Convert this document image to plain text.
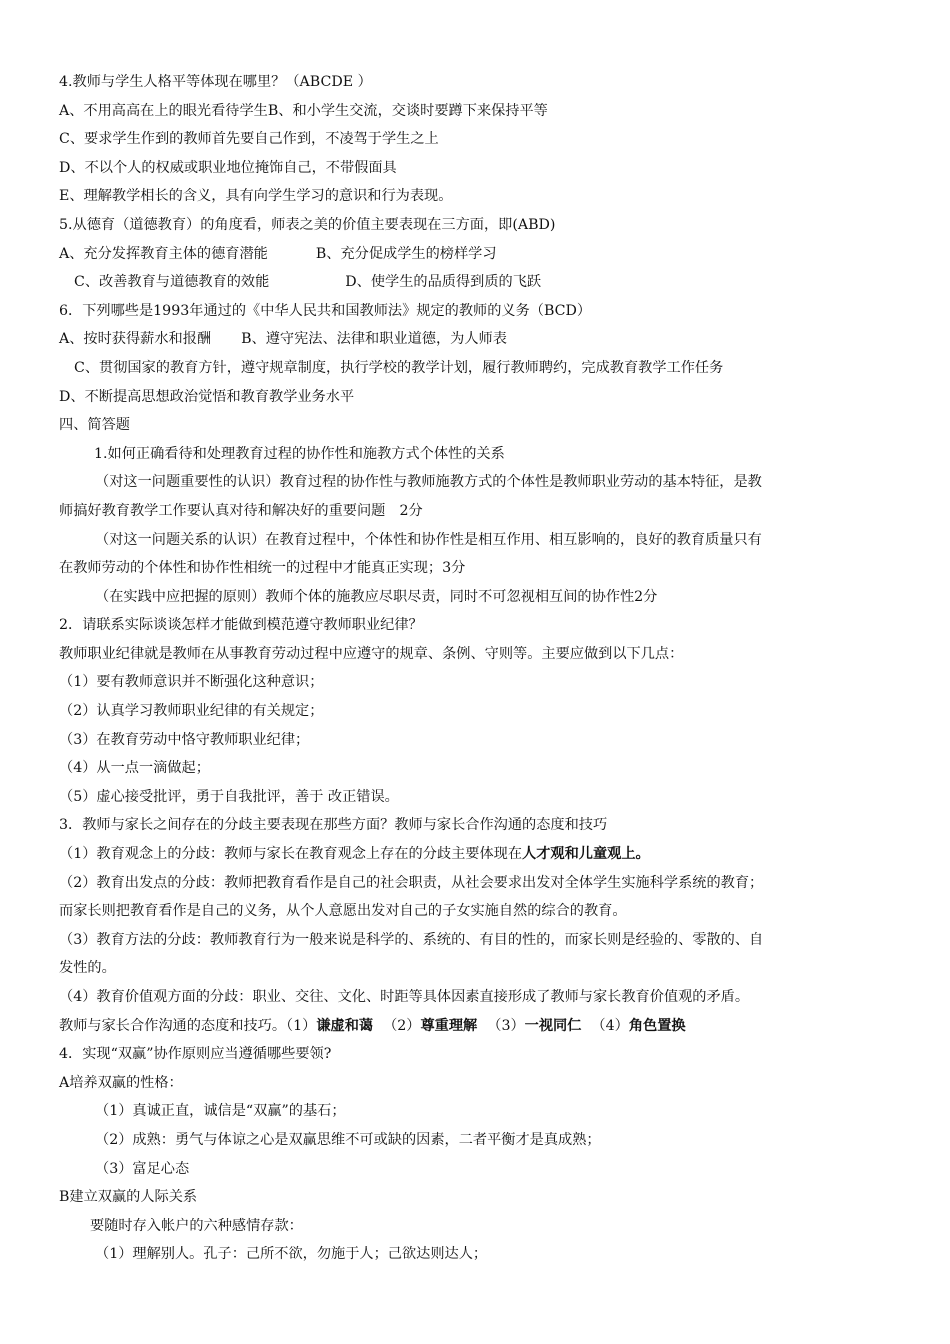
4.教师与学生人格平等体现在哪里？（ABCDE ）
A、不用高高在上的眼光看待学生B、和小学生交流，交谈时要蹲下来保持平等
C、要求学生作到的教师首先要自己作到，不凌驾于学生之上
D、不以个人的权威或职业地位掩饰自己，不带假面具
E、理解教学相长的含义，具有向学生学习的意识和行为表现。
5.从德育（道德教育）的角度看，师表之美的价值主要表现在三方面，即(ABD)
A、充分发挥教育主体的德育潜能	B、充分促成学生的榜样学习
C、改善教育与道德教育的效能	D、使学生的品质得到质的飞跃
6．下列哪些是1993年通过的《中华人民共和国教师法》规定的教师的义务（BCD）
A、按时获得薪水和报酬 B、遵守宪法、法律和职业道德，为人师表
C、贯彻国家的教育方针，遵守规章制度，执行学校的教学计划，履行教师聘约，完成教育教学工作任务
D、不断提高思想政治觉悟和教育教学业务水平
四、简答题
1.如何正确看待和处理教育过程的协作性和施教方式个体性的关系
（对这一问题重要性的认识）教育过程的协作性与教师施教方式的个体性是教师职业劳动的基本特征，是教
师搞好教育教学工作要认真对待和解决好的重要问题　2分
（对这一问题关系的认识）在教育过程中，个体性和协作性是相互作用、相互影响的，良好的教育质量只有
在教师劳动的个体性和协作性相统一的过程中才能真正实现；3分
（在实践中应把握的原则）教师个体的施教应尽职尽责，同时不可忽视相互间的协作性2分
2．请联系实际谈谈怎样才能做到模范遵守教师职业纪律？
教师职业纪律就是教师在从事教育劳动过程中应遵守的规章、条例、守则等。主要应做到以下几点：
（1）要有教师意识并不断强化这种意识；
（2）认真学习教师职业纪律的有关规定；
（3）在教育劳动中恪守教师职业纪律；
（4）从一点一滴做起；
（5）虚心接受批评，勇于自我批评，善于 改正错误。
3．教师与家长之间存在的分歧主要表现在那些方面？教师与家长合作沟通的态度和技巧
（1）教育观念上的分歧：教师与家长在教育观念上存在的分歧主要体现在人才观和儿童观上。
（2）教育出发点的分歧：教师把教育看作是自己的社会职责，从社会要求出发对全体学生实施科学系统的教育；
而家长则把教育看作是自己的义务，从个人意愿出发对自己的子女实施自然的综合的教育。
（3）教育方法的分歧：教师教育行为一般来说是科学的、系统的、有目的性的，而家长则是经验的、零散的、自
发性的。
（4）教育价值观方面的分歧：职业、交往、文化、时距等具体因素直接形成了教师与家长教育价值观的矛盾。
教师与家长合作沟通的态度和技巧。（1）谦虚和蔼 （2）尊重理解 （3）一视同仁 （4）角色置换
4．实现“双赢”协作原则应当遵循哪些要领?
A培养双赢的性格：
（1）真诚正直，诚信是“双赢”的基石；
（2）成熟：勇气与体谅之心是双赢思维不可或缺的因素，二者平衡才是真成熟；
（3）富足心态
B建立双赢的人际关系
要随时存入帐户的六种感情存款：
（1）理解别人。孔子：己所不欲，勿施于人；己欲达则达人；
